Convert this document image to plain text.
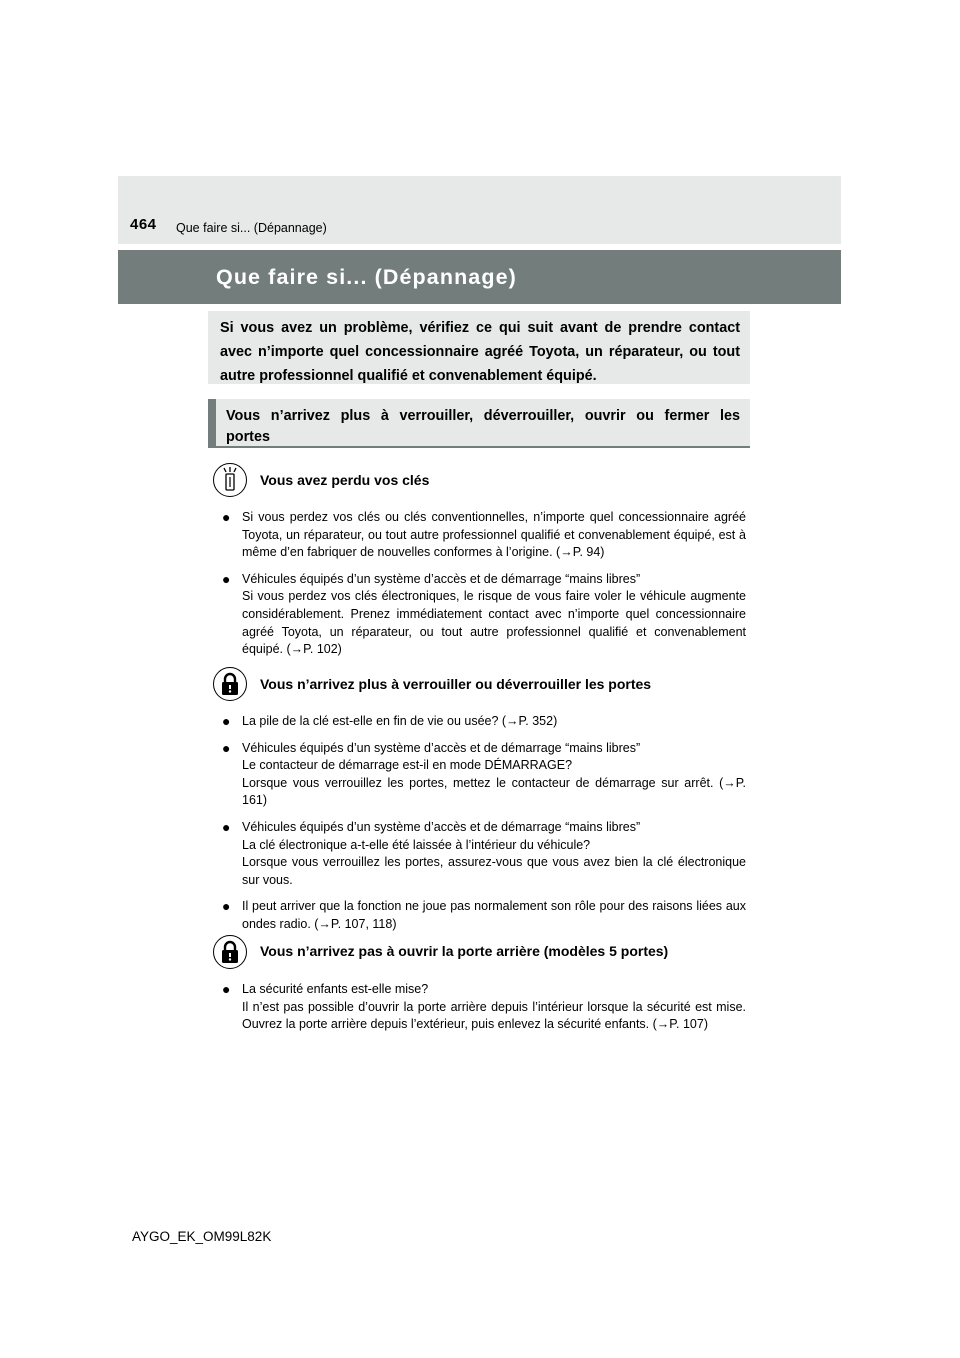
464 Que faire si... (Dépannage)
Que faire si... (Dépannage)
Si vous avez un problème, vérifiez ce qui suit avant de prendre contact avec n’importe quel concessionnaire agréé Toyota, un réparateur, ou tout autre professionnel qualifié et convenablement équipé.
Vous n’arrivez plus à verrouiller, déverrouiller, ouvrir ou fermer les portes
Vous avez perdu vos clés

● Si vous perdez vos clés ou clés conventionnelles, n’importe quel concessionnaire agréé Toyota, un réparateur, ou tout autre professionnel qualifié et convenablement équipé, est à même d’en fabriquer de nouvelles conformes à l’origine. (→P. 94)

● Véhicules équipés d’un système d’accès et de démarrage “mains libres”
Si vous perdez vos clés électroniques, le risque de vous faire voler le véhicule augmente considérablement. Prenez immédiatement contact avec n’importe quel concessionnaire agréé Toyota, un réparateur, ou tout autre professionnel qualifié et convenablement équipé. (→P. 102)

Vous n’arrivez plus à verrouiller ou déverrouiller les portes

● La pile de la clé est-elle en fin de vie ou usée? (→P. 352)

● Véhicules équipés d’un système d’accès et de démarrage “mains libres”
Le contacteur de démarrage est-il en mode DÉMARRAGE?
Lorsque vous verrouillez les portes, mettez le contacteur de démarrage sur arrêt. (→P. 161)

● Véhicules équipés d’un système d’accès et de démarrage “mains libres”
La clé électronique a-t-elle été laissée à l’intérieur du véhicule?
Lorsque vous verrouillez les portes, assurez-vous que vous avez bien la clé électronique sur vous.

● Il peut arriver que la fonction ne joue pas normalement son rôle pour des raisons liées aux ondes radio. (→P. 107, 118)

Vous n’arrivez pas à ouvrir la porte arrière (modèles 5 portes)

● La sécurité enfants est-elle mise?
Il n’est pas possible d’ouvrir la porte arrière depuis l’intérieur lorsque la sécurité est mise. Ouvrez la porte arrière depuis l’extérieur, puis enlevez la sécurité enfants. (→P. 107)

AYGO_EK_OM99L82K
